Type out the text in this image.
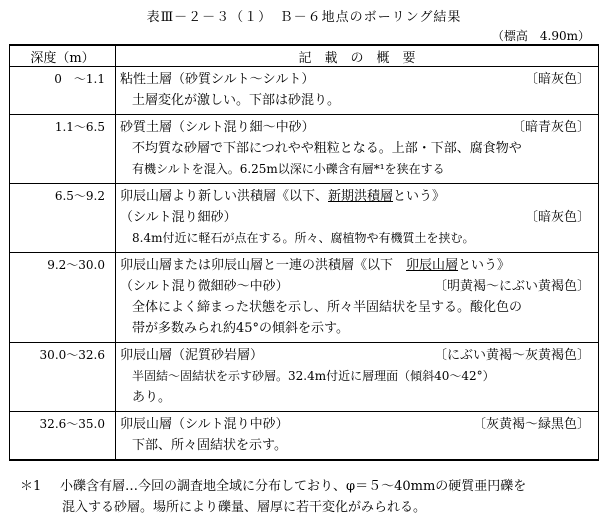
表Ⅲ－２－３（１）　Ｂ－６地点のボーリング結果
（標高　4.90m）
深度（m）	記　載　の　概　要
0　～1.1	粘性土層（砂質シルト～シルト） 〔暗灰色〕
土層変化が激しい。下部は砂混り。

1.1～6.5	砂質土層（シルト混り細～中砂） 〔暗青灰色〕
不均質な砂層で下部につれやや粗粒となる。上部・下部、腐食物や
有機シルトを混入。6.25m以深に小礫含有層*¹を狭在する

6.5～9.2	卯辰山層より新しい洪積層《以下、新期洪積層という》
（シルト混り細砂） 〔暗灰色〕
8.4m付近に軽石が点在する。所々、腐植物や有機質土を挟む。

9.2～30.0	卯辰山層または卯辰山層と一連の洪積層《以下　卯辰山層という》
（シルト混り微細砂～中砂） 〔明黄褐～にぶい黄褐色〕
全体によく締まった状態を示し、所々半固結状を呈する。酸化色の
帯が多数みられ約45°の傾斜を示す。

30.0～32.6	卯辰山層（泥質砂岩層） 〔にぶい黄褐～灰黄褐色〕
半固結～固結状を示す砂層。32.4m付近に層理面（傾斜40～42°）
あり。

32.6～35.0	卯辰山層（シルト混り中砂） 〔灰黄褐～緑黒色〕
下部、所々固結状を示す。
＊1 小礫含有層…今回の調査地全域に分布しており、φ＝５～40mmの硬質亜円礫を
混入する砂層。場所により礫量、層厚に若干変化がみられる。
